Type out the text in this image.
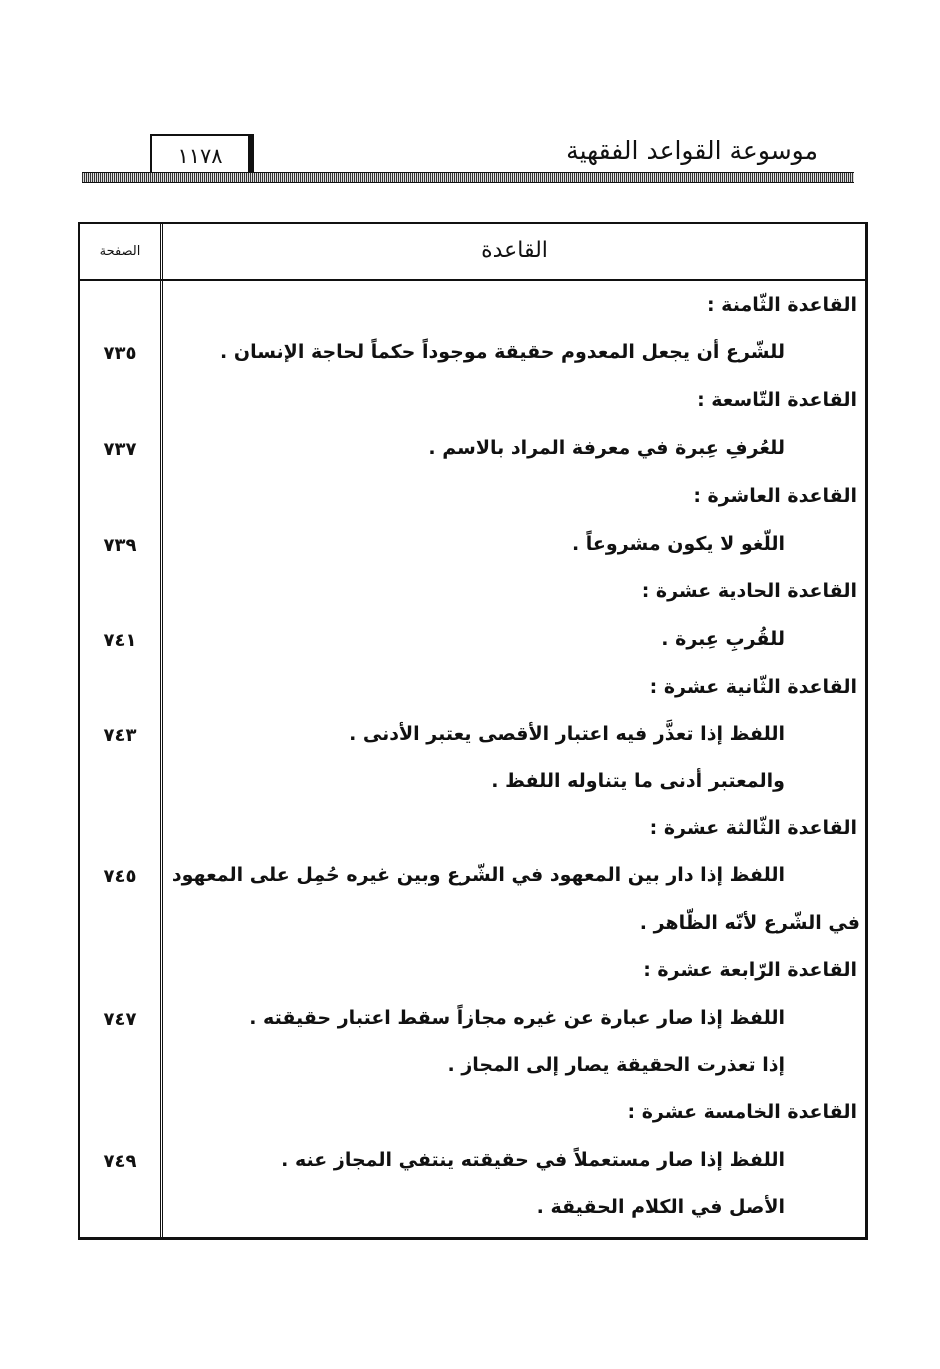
موسوعة القواعد الفقهية
١١٧٨
الصفحة	القاعدة
القاعدة الثّامنة :
للشّرع أن يجعل المعدوم حقيقة موجوداً حكماً لحاجة الإنسان .
٧٣٥
القاعدة التّاسعة :
للعُرفِ عِبرة في معرفة المراد بالاسم .
٧٣٧
القاعدة العاشرة :
اللّغو لا يكون مشروعاً .
٧٣٩
القاعدة الحادية عشرة :
للقُربِ عِبرة .
٧٤١
القاعدة الثّانية عشرة :
اللفظ إذا تعذَّر فيه اعتبار الأقصى يعتبر الأدنى .
٧٤٣
والمعتبر أدنى ما يتناوله اللفظ .
القاعدة الثّالثة عشرة :
اللفظ إذا دار بين المعهود في الشّرع وبين غيره حُمِل على المعهود
٧٤٥
في الشّرع لأنّه الظّاهر .
القاعدة الرّابعة عشرة :
اللفظ إذا صار عبارة عن غيره مجازاً سقط اعتبار حقيقته .
٧٤٧
إذا تعذرت الحقيقة يصار إلى المجاز .
القاعدة الخامسة عشرة :
اللفظ إذا صار مستعملاً في حقيقته ينتفي المجاز عنه .
٧٤٩
الأصل في الكلام الحقيقة .
